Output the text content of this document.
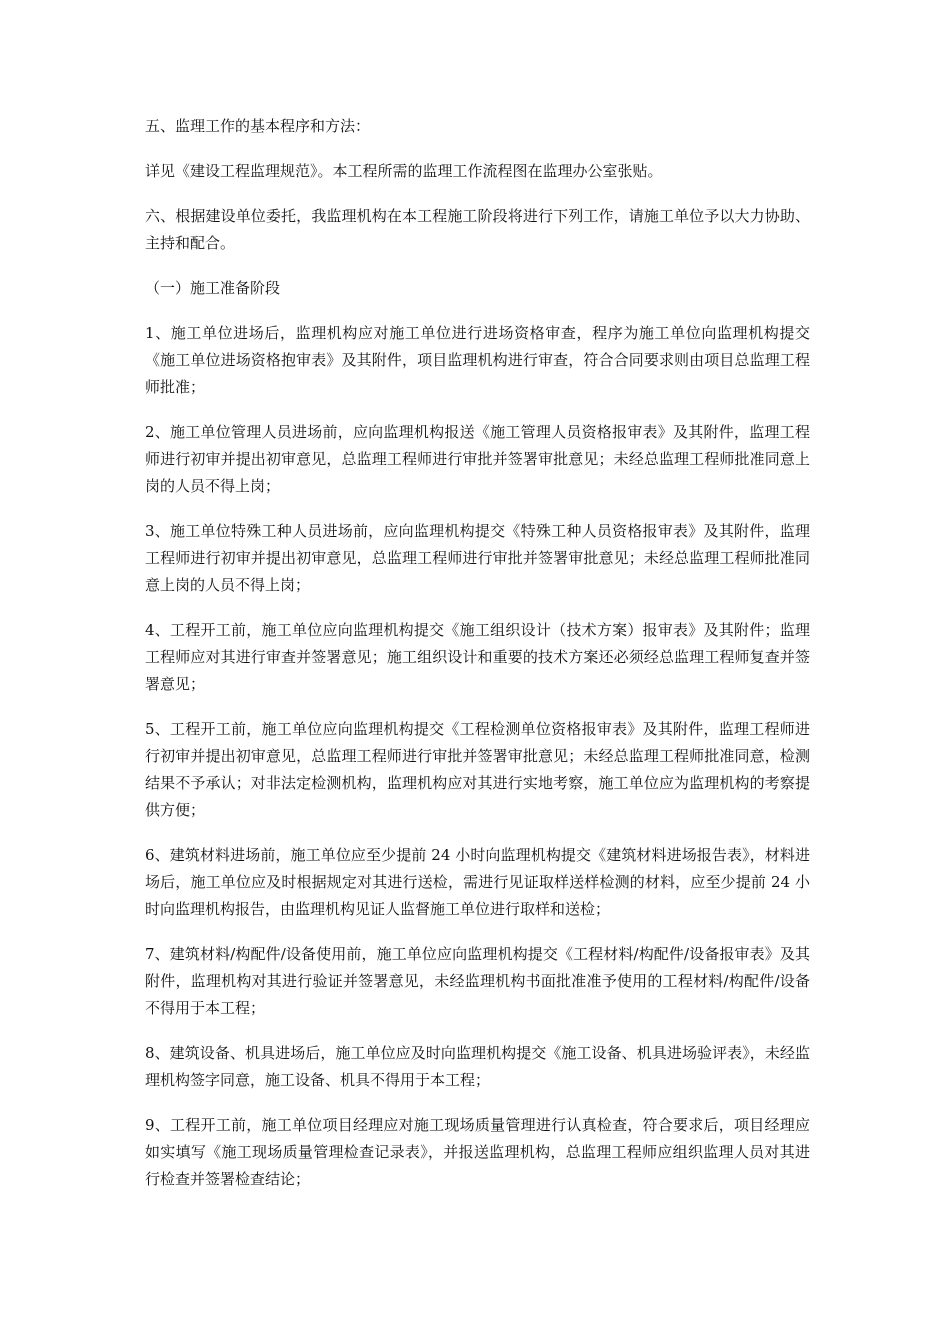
五、监理工作的基本程序和方法：

详见《建设工程监理规范》。本工程所需的监理工作流程图在监理办公室张贴。

六、根据建设单位委托，我监理机构在本工程施工阶段将进行下列工作，请施工单位予以大力协助、主持和配合。

（一）施工准备阶段

1、施工单位进场后，监理机构应对施工单位进行进场资格审查，程序为施工单位向监理机构提交《施工单位进场资格抱审表》及其附件，项目监理机构进行审查，符合合同要求则由项目总监理工程师批准；

2、施工单位管理人员进场前，应向监理机构报送《施工管理人员资格报审表》及其附件，监理工程师进行初审并提出初审意见，总监理工程师进行审批并签署审批意见；未经总监理工程师批准同意上岗的人员不得上岗；

3、施工单位特殊工种人员进场前，应向监理机构提交《特殊工种人员资格报审表》及其附件，监理工程师进行初审并提出初审意见，总监理工程师进行审批并签署审批意见；未经总监理工程师批准同意上岗的人员不得上岗；

4、工程开工前，施工单位应向监理机构提交《施工组织设计（技术方案）报审表》及其附件；监理工程师应对其进行审查并签署意见；施工组织设计和重要的技术方案还必须经总监理工程师复查并签署意见；

5、工程开工前，施工单位应向监理机构提交《工程检测单位资格报审表》及其附件，监理工程师进行初审并提出初审意见，总监理工程师进行审批并签署审批意见；未经总监理工程师批准同意，检测结果不予承认；对非法定检测机构，监理机构应对其进行实地考察，施工单位应为监理机构的考察提供方便；

6、建筑材料进场前，施工单位应至少提前 24 小时向监理机构提交《建筑材料进场报告表》，材料进场后，施工单位应及时根据规定对其进行送检，需进行见证取样送样检测的材料，应至少提前 24 小时向监理机构报告，由监理机构见证人监督施工单位进行取样和送检；

7、建筑材料/构配件/设备使用前，施工单位应向监理机构提交《工程材料/构配件/设备报审表》及其附件，监理机构对其进行验证并签署意见，未经监理机构书面批准准予使用的工程材料/构配件/设备不得用于本工程；

8、建筑设备、机具进场后，施工单位应及时向监理机构提交《施工设备、机具进场验评表》，未经监理机构签字同意，施工设备、机具不得用于本工程；

9、工程开工前，施工单位项目经理应对施工现场质量管理进行认真检查，符合要求后，项目经理应如实填写《施工现场质量管理检查记录表》，并报送监理机构，总监理工程师应组织监理人员对其进行检查并签署检查结论；
